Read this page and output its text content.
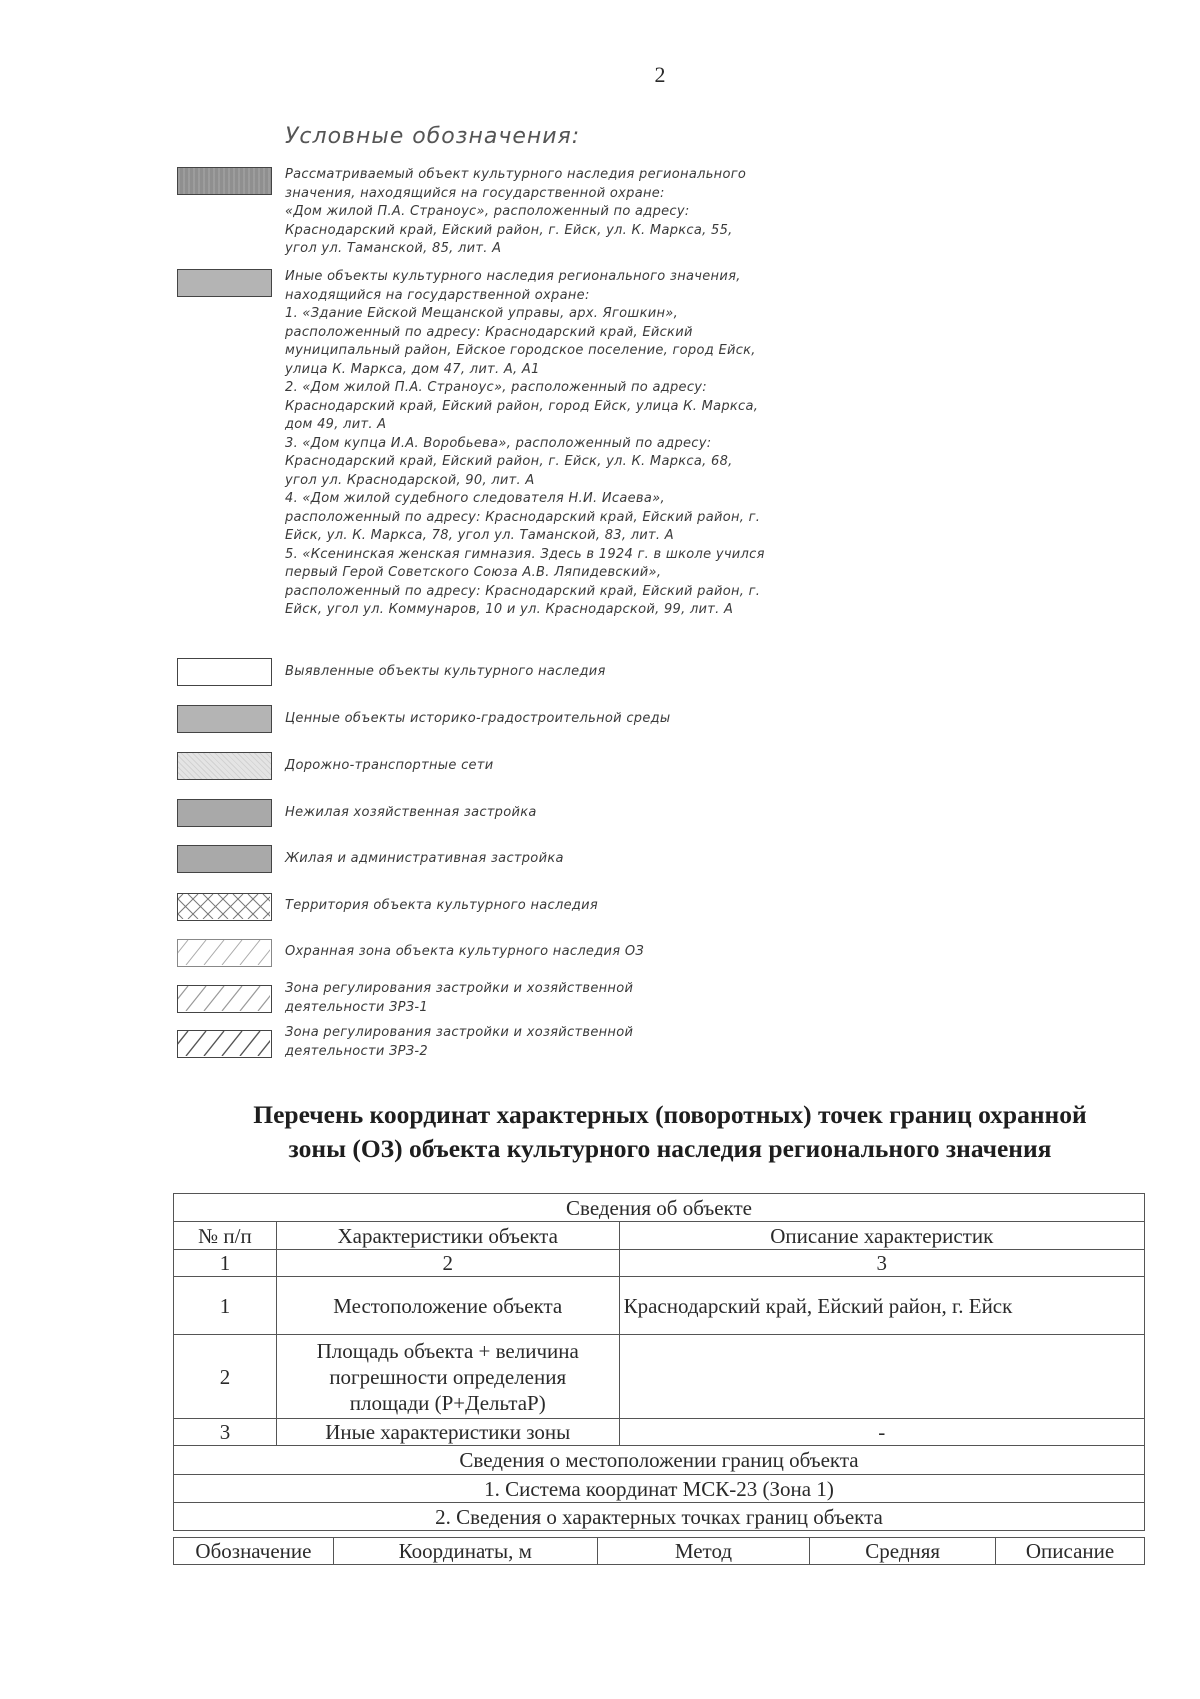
2
Условные обозначения:
Рассматриваемый объект культурного наследия регионального
значения, находящийся на государственной охране:
«Дом жилой П.А. Страноус», расположенный по адресу:
Краснодарский край, Ейский район, г. Ейск, ул. К. Маркса, 55,
угол ул. Таманской, 85, лит. А
Иные объекты культурного наследия регионального значения,
находящийся на государственной охране:
1. «Здание Ейской Мещанской управы, арх. Ягошкин»,
расположенный по адресу: Краснодарский край, Ейский
муниципальный район, Ейское городское поселение, город Ейск,
улица К. Маркса, дом 47, лит. А, А1
2. «Дом жилой П.А. Страноус», расположенный по адресу:
Краснодарский край, Ейский район, город Ейск, улица К. Маркса,
дом 49, лит. А
3. «Дом купца И.А. Воробьева», расположенный по адресу:
Краснодарский край, Ейский район, г. Ейск, ул. К. Маркса, 68,
угол ул. Краснодарской, 90, лит. А
4. «Дом жилой судебного следователя Н.И. Исаева»,
расположенный по адресу: Краснодарский край, Ейский район, г.
Ейск, ул. К. Маркса, 78, угол ул. Таманской, 83, лит. А
5. «Ксенинская женская гимназия. Здесь в 1924 г. в школе учился
первый Герой Советского Союза А.В. Ляпидевский»,
расположенный по адресу: Краснодарский край, Ейский район, г.
Ейск, угол ул. Коммунаров, 10 и ул. Краснодарской, 99, лит. А
Выявленные объекты культурного наследия
Ценные объекты историко-градостроительной среды
Дорожно-транспортные сети
Нежилая хозяйственная застройка
Жилая и административная застройка
Территория объекта культурного наследия
Охранная зона объекта культурного наследия ОЗ
Зона регулирования застройки и хозяйственной
деятельности ЗРЗ-1
Зона регулирования застройки и хозяйственной
деятельности ЗРЗ-2
Перечень координат характерных (поворотных) точек границ охранной
зоны (ОЗ) объекта культурного наследия регионального значения
Сведения об объекте		
№ п/п	Характеристики объекта	Описание характеристик
1	2	3
1	Местоположение объекта	Краснодарский край, Ейский район, г. Ейск
2	Площадь объекта + величина
погрешности определения
площади (Р+ДельтаР)	

3	Иные характеристики зоны	-
Сведения о местоположении границ объекта		
1. Система координат МСК-23 (Зона 1)		
2. Сведения о характерных точках границ объекта		
Обозначение	Координаты, м	Метод	Средняя	Описание
